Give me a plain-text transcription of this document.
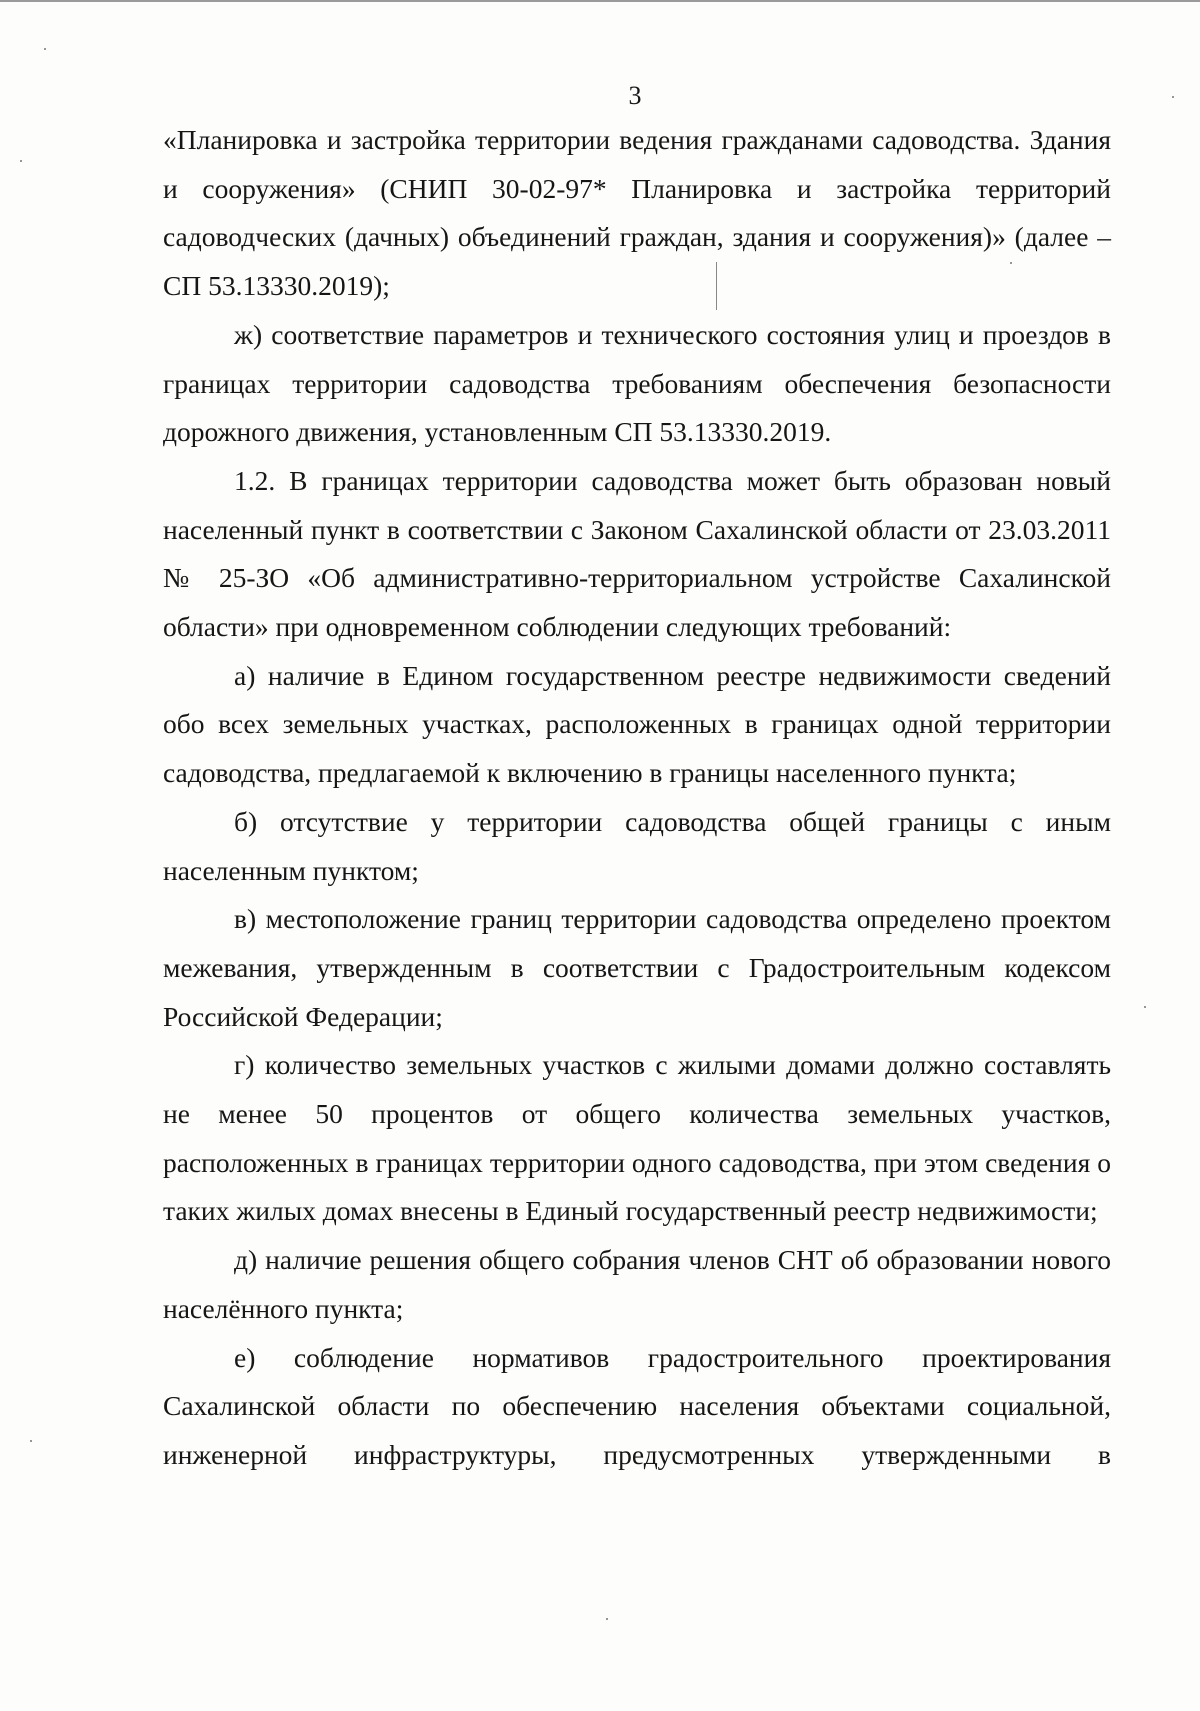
3

«Планировка и застройка территории ведения гражданами садоводства. Здания и сооружения» (СНИП 30-02-97* Планировка и застройка территорий садоводческих (дачных) объединений граждан, здания и сооружения)» (далее – СП 53.13330.2019);

ж) соответствие параметров и технического состояния улиц и проездов в границах территории садоводства требованиям обеспечения безопасности дорожного движения, установленным СП 53.13330.2019.

1.2. В границах территории садоводства может быть образован новый населенный пункт в соответствии с Законом Сахалинской области от 23.03.2011 № 25-ЗО «Об административно-территориальном устройстве Сахалинской области» при одновременном соблюдении следующих требований:

а) наличие в Едином государственном реестре недвижимости сведений обо всех земельных участках, расположенных в границах одной территории садоводства, предлагаемой к включению в границы населенного пункта;

б) отсутствие у территории садоводства общей границы с иным населенным пунктом;

в) местоположение границ территории садоводства определено проектом межевания, утвержденным в соответствии с Градостроительным кодексом Российской Федерации;

г) количество земельных участков с жилыми домами должно составлять не менее 50 процентов от общего количества земельных участков, расположенных в границах территории одного садоводства, при этом сведения о таких жилых домах внесены в Единый государственный реестр недвижимости;

д) наличие решения общего собрания членов СНТ об образовании нового населённого пункта;

е) соблюдение нормативов градостроительного проектирования Сахалинской области по обеспечению населения объектами социальной, инженерной инфраструктуры, предусмотренных утвержденными в
